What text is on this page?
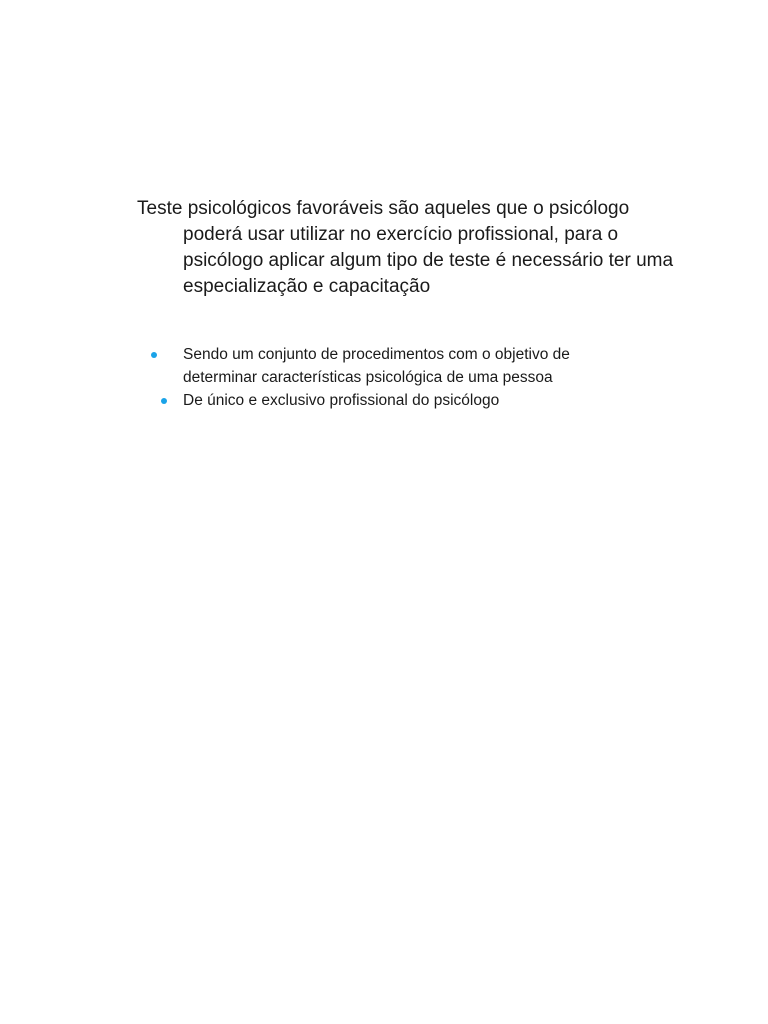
Teste psicológicos favoráveis são aqueles que o psicólogo poderá usar utilizar no exercício profissional, para o psicólogo aplicar algum tipo de teste é necessário ter uma especialização e capacitação

Sendo um conjunto de procedimentos com o objetivo de determinar características psicológica de uma pessoa
De único e exclusivo profissional do psicólogo
